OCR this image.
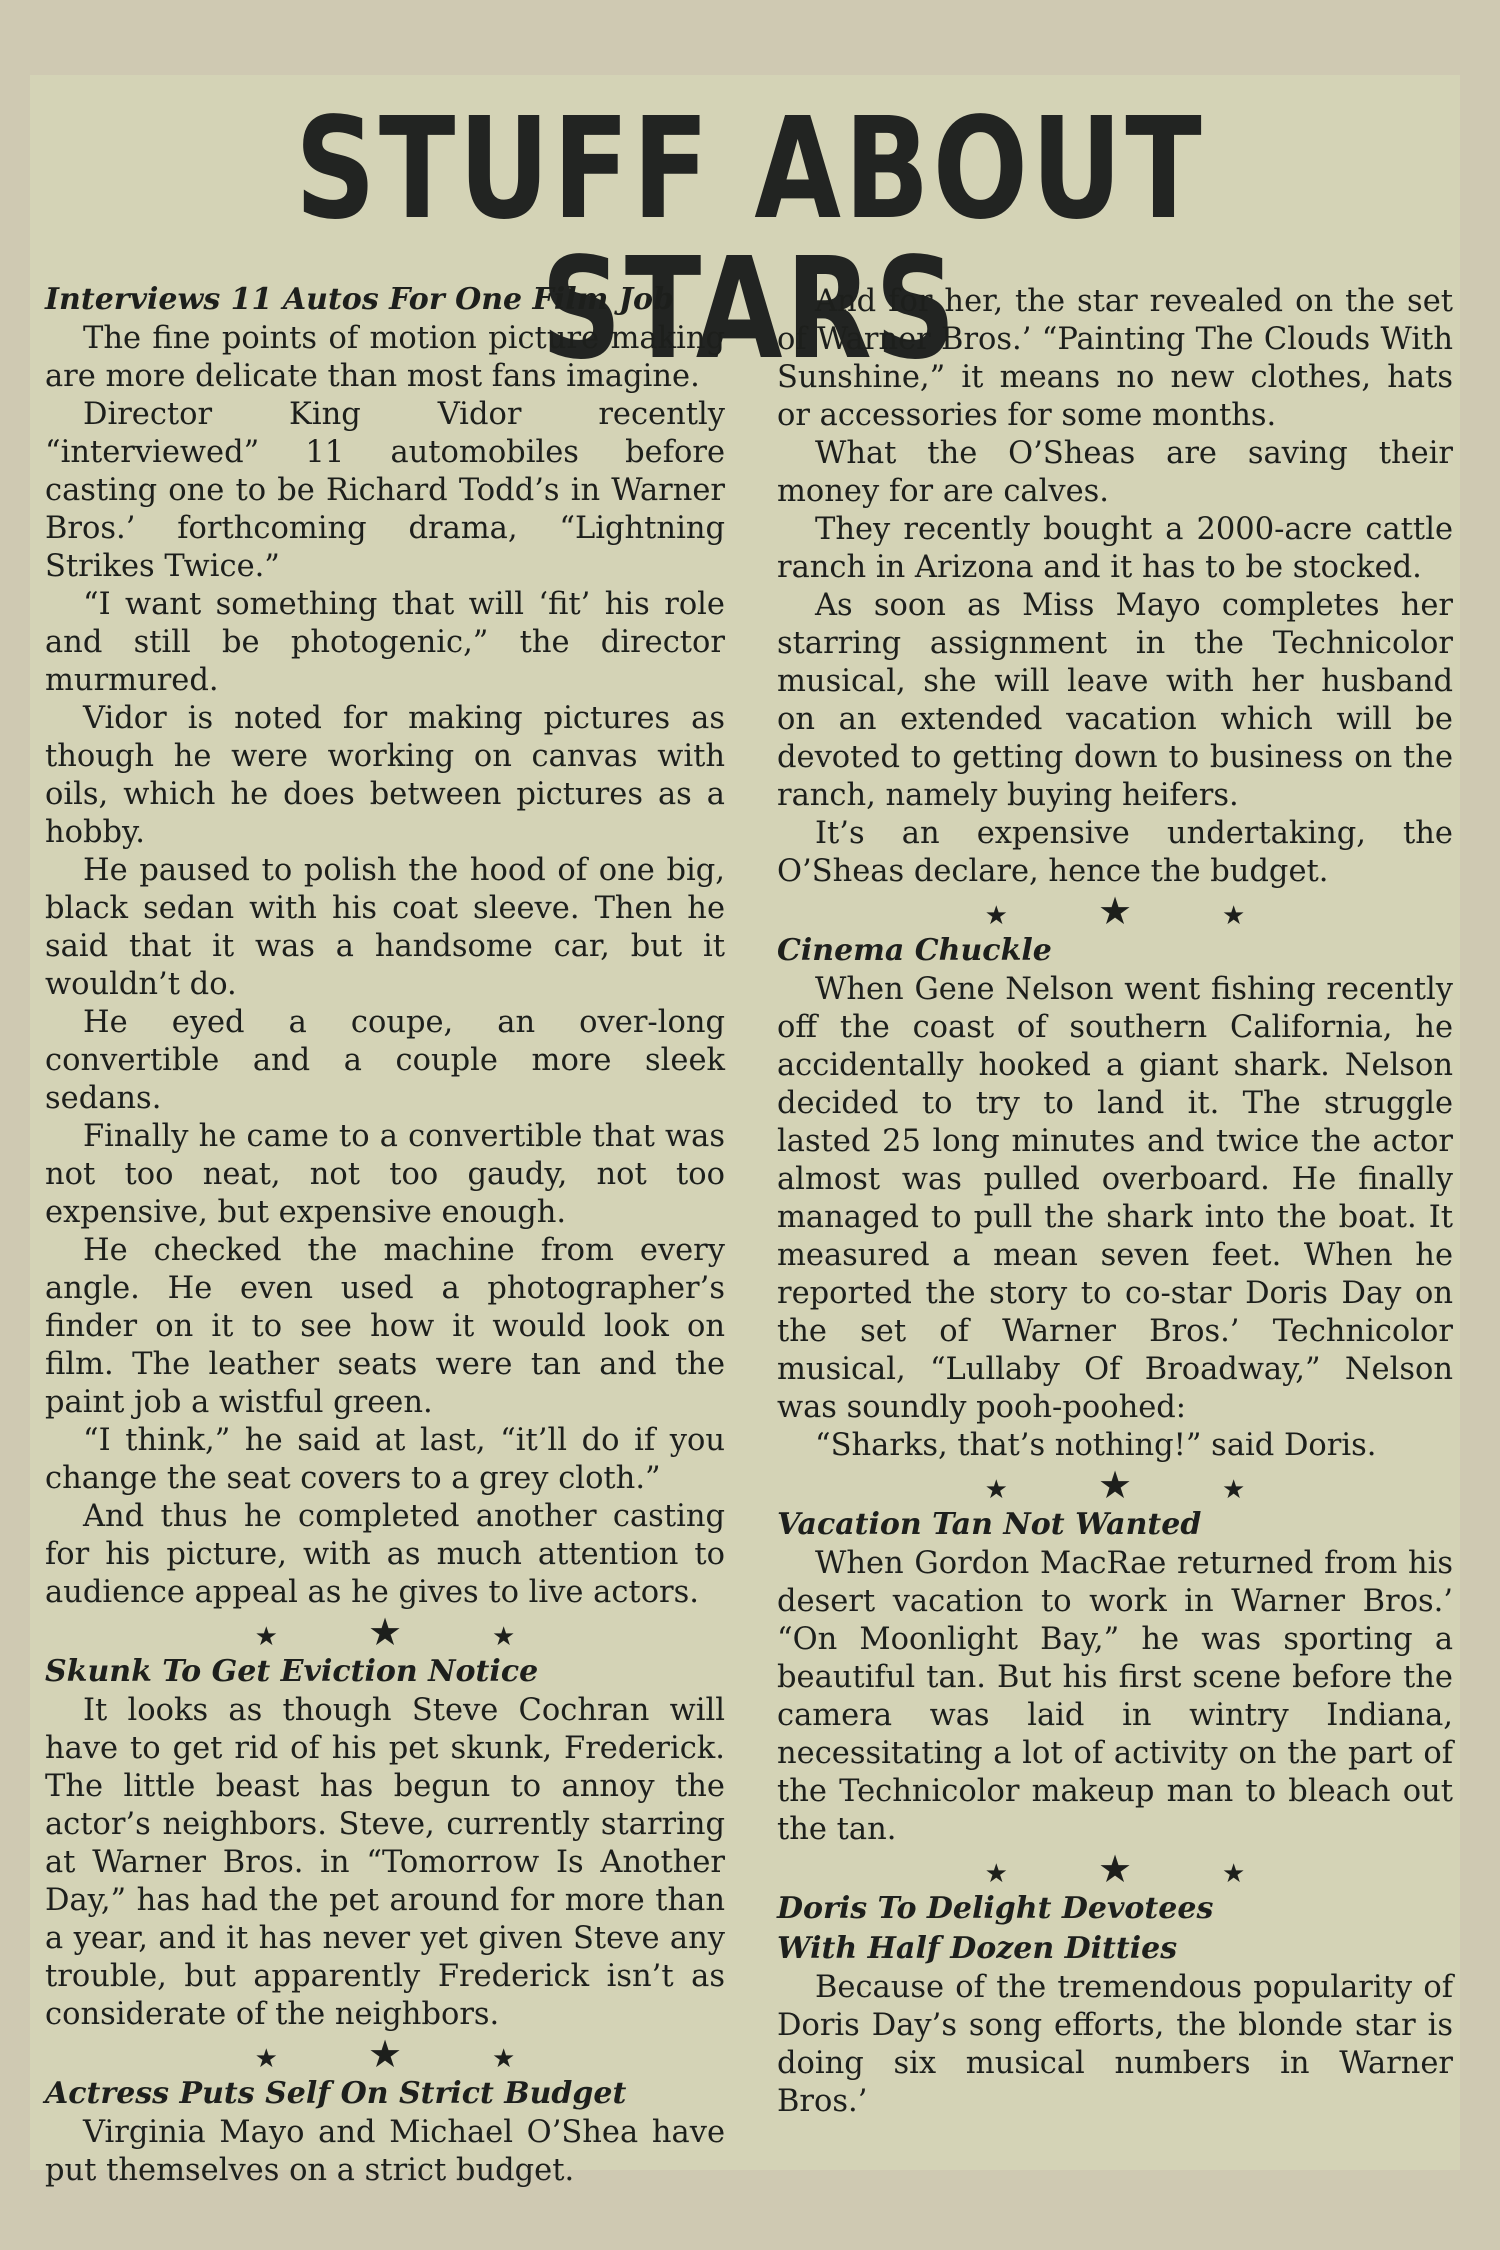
STUFF ABOUT STARS
Interviews 11 Autos For One Film Job

The fine points of motion picture making are more delicate than most fans imagine.

Director King Vidor recently “interviewed” 11 automobiles before casting one to be Richard Todd’s in Warner Bros.’ forthcoming drama, “Lightning Strikes Twice.”

“I want something that will ‘fit’ his role and still be photogenic,” the director murmured.

Vidor is noted for making pictures as though he were working on canvas with oils, which he does between pictures as a hobby.

He paused to polish the hood of one big, black sedan with his coat sleeve. Then he said that it was a handsome car, but it wouldn’t do.

He eyed a coupe, an over-long convertible and a couple more sleek sedans.

Finally he came to a convertible that was not too neat, not too gaudy, not too expensive, but expensive enough.

He checked the machine from every angle. He even used a photographer’s finder on it to see how it would look on film. The leather seats were tan and the paint job a wistful green.

“I think,” he said at last, “it’ll do if you change the seat covers to a grey cloth.”

And thus he completed another casting for his picture, with as much attention to audience appeal as he gives to live actors.

★ ★	★
Skunk To Get Eviction Notice

It looks as though Steve Cochran will have to get rid of his pet skunk, Frederick. The little beast has begun to annoy the actor’s neighbors. Steve, currently starring at Warner Bros. in “Tomorrow Is Another Day,” has had the pet around for more than a year, and it has never yet given Steve any trouble, but apparently Frederick isn’t as considerate of the neighbors.

★ ★	★
Actress Puts Self On Strict Budget

Virginia Mayo and Michael O’Shea have put themselves on a strict budget.

And for her, the star revealed on the set of Warner Bros.’ “Painting The Clouds With Sunshine,” it means no new clothes, hats or accessories for some months.

What the O’Sheas are saving their money for are calves.

They recently bought a 2000-acre cattle ranch in Arizona and it has to be stocked.

As soon as Miss Mayo completes her starring assignment in the Technicolor musical, she will leave with her husband on an extended vacation which will be devoted to getting down to business on the ranch, namely buying heifers.

It’s an expensive undertaking, the O’Sheas declare, hence the budget.

★ ★	★
Cinema Chuckle

When Gene Nelson went fishing recently off the coast of southern California, he accidentally hooked a giant shark. Nelson decided to try to land it. The struggle lasted 25 long minutes and twice the actor almost was pulled overboard. He finally managed to pull the shark into the boat. It measured a mean seven feet. When he reported the story to co-star Doris Day on the set of Warner Bros.’ Technicolor musical, “Lullaby Of Broadway,” Nelson was soundly pooh-poohed:

“Sharks, that’s nothing!” said Doris.

★ ★	★
Vacation Tan Not Wanted

When Gordon MacRae returned from his desert vacation to work in Warner Bros.’ “On Moonlight Bay,” he was sporting a beautiful tan. But his first scene before the camera was laid in wintry Indiana, necessitating a lot of activity on the part of the Technicolor makeup man to bleach out the tan.

★ ★	★
Doris To Delight Devotees
With Half Dozen Ditties

Because of the tremendous popularity of Doris Day’s song efforts, the blonde star is doing six musical numbers in Warner Bros.’
